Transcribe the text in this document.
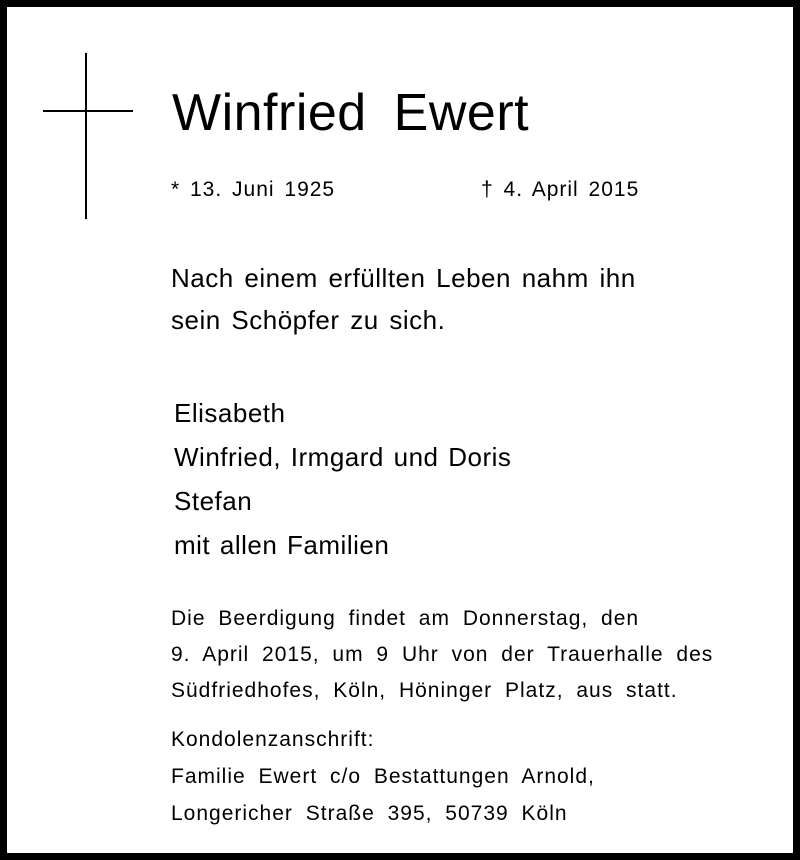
Winfried Ewert
* 13. Juni 1925	† 4. April 2015
Nach einem erfüllten Leben nahm ihn
sein Schöpfer zu sich.
Elisabeth
Winfried, Irmgard und Doris
Stefan
mit allen Familien
Die Beerdigung findet am Donnerstag, den
9. April 2015, um 9 Uhr von der Trauerhalle des
Südfriedhofes, Köln, Höninger Platz, aus statt.
Kondolenzanschrift:
Familie Ewert c/o Bestattungen Arnold,
Longericher Straße 395, 50739 Köln
